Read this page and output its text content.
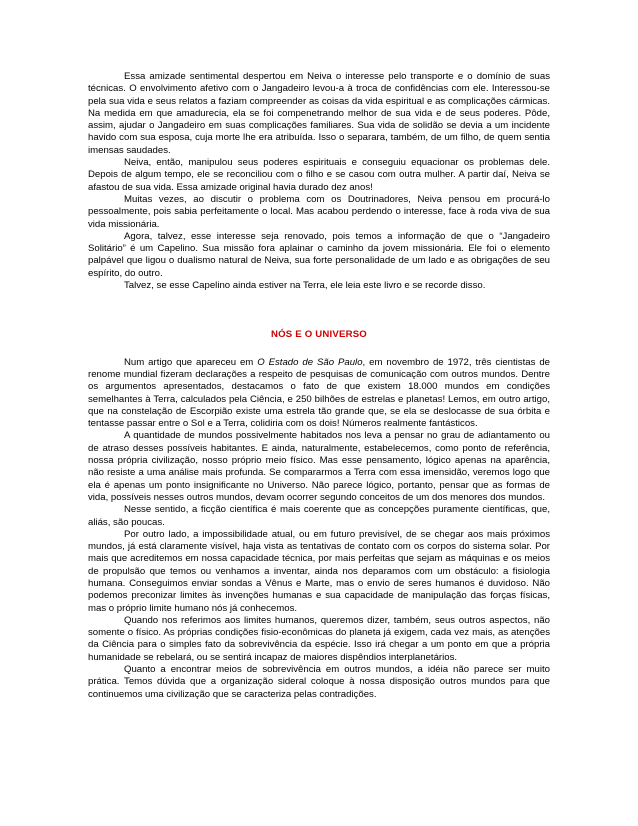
Essa amizade sentimental despertou em Neiva o interesse pelo transporte e o domínio de suas técnicas. O envolvimento afetivo com o Jangadeiro levou-a à troca de confidências com ele. Interessou-se pela sua vida e seus relatos a faziam compreender as coisas da vida espiritual e as complicações cármicas. Na medida em que amadurecia, ela se foi compenetrando melhor de sua vida e de seus poderes. Pôde, assim, ajudar o Jangadeiro em suas complicações familiares. Sua vida de solidão se devia a um incidente havido com sua esposa, cuja morte lhe era atribuída. Isso o separara, também, de um filho, de quem sentia imensas saudades.

Neiva, então, manipulou seus poderes espirituais e conseguiu equacionar os problemas dele. Depois de algum tempo, ele se reconciliou com o filho e se casou com outra mulher. A partir daí, Neiva se afastou de sua vida. Essa amizade original havia durado dez anos!

Muitas vezes, ao discutir o problema com os Doutrinadores, Neiva pensou em procurá-lo pessoalmente, pois sabia perfeitamente o local. Mas acabou perdendo o interesse, face à roda viva de sua vida missionária.

Agora, talvez, esse interesse seja renovado, pois temos a informação de que o “Jangadeiro Solitário” é um Capelino. Sua missão fora aplainar o caminho da jovem missionária. Ele foi o elemento palpável que ligou o dualismo natural de Neiva, sua forte personalidade de um lado e as obrigações de seu espírito, do outro.

Talvez, se esse Capelino ainda estiver na Terra, ele leia este livro e se recorde disso.

NÓS E O UNIVERSO

Num artigo que apareceu em O Estado de São Paulo, em novembro de 1972, três cientistas de renome mundial fizeram declarações a respeito de pesquisas de comunicação com outros mundos. Dentre os argumentos apresentados, destacamos o fato de que existem 18.000 mundos em condições semelhantes à Terra, calculados pela Ciência, e 250 bilhões de estrelas e planetas! Lemos, em outro artigo, que na constelação de Escorpião existe uma estrela tão grande que, se ela se deslocasse de sua órbita e tentasse passar entre o Sol e a Terra, colidiria com os dois! Números realmente fantásticos.

A quantidade de mundos possivelmente habitados nos leva a pensar no grau de adiantamento ou de atraso desses possíveis habitantes. E ainda, naturalmente, estabelecemos, como ponto de referência, nossa própria civilização, nosso próprio meio físico. Mas esse pensamento, lógico apenas na aparência, não resiste a uma análise mais profunda. Se compararmos a Terra com essa imensidão, veremos logo que ela é apenas um ponto insignificante no Universo. Não parece lógico, portanto, pensar que as formas de vida, possíveis nesses outros mundos, devam ocorrer segundo conceitos de um dos menores dos mundos.

Nesse sentido, a ficção científica é mais coerente que as concepções puramente científicas, que, aliás, são poucas.

Por outro lado, a impossibilidade atual, ou em futuro previsível, de se chegar aos mais próximos mundos, já está claramente visível, haja vista as tentativas de contato com os corpos do sistema solar. Por mais que acreditemos em nossa capacidade técnica, por mais perfeitas que sejam as máquinas e os meios de propulsão que temos ou venhamos a inventar, ainda nos deparamos com um obstáculo: a fisiologia humana. Conseguimos enviar sondas a Vênus e Marte, mas o envio de seres humanos é duvidoso. Não podemos preconizar limites às invenções humanas e sua capacidade de manipulação das forças físicas, mas o próprio limite humano nós já conhecemos.

Quando nos referimos aos limites humanos, queremos dizer, também, seus outros aspectos, não somente o físico. As próprias condições fisio-econômicas do planeta já exigem, cada vez mais, as atenções da Ciência para o simples fato da sobrevivência da espécie. Isso irá chegar a um ponto em que a própria humanidade se rebelará, ou se sentirá incapaz de maiores dispêndios interplanetários.

Quanto a encontrar meios de sobrevivência em outros mundos, a idéia não parece ser muito prática. Temos dúvida que a organização sideral coloque à nossa disposição outros mundos para que continuemos uma civilização que se caracteriza pelas contradições.
